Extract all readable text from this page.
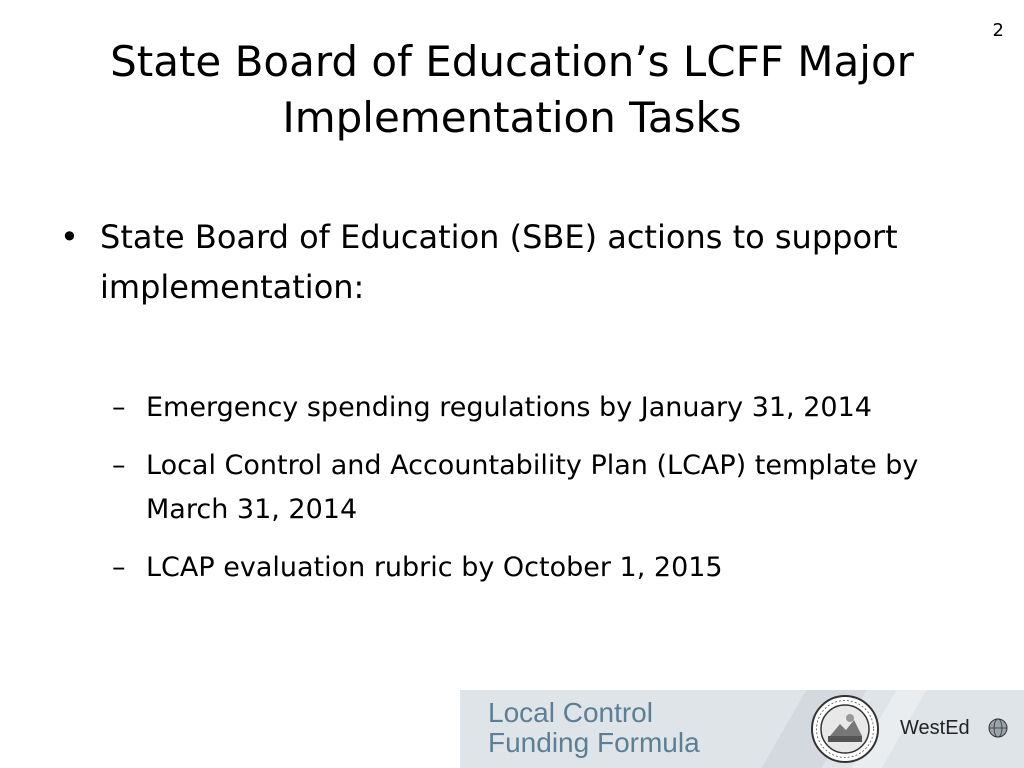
2
State Board of Education’s LCFF Major
Implementation Tasks
• State Board of Education (SBE) actions to support implementation:
– Emergency spending regulations by January 31, 2014
– Local Control and Accountability Plan (LCAP) template by March 31, 2014
– LCAP evaluation rubric by October 1, 2015
Local Control
Funding Formula	WestEd
